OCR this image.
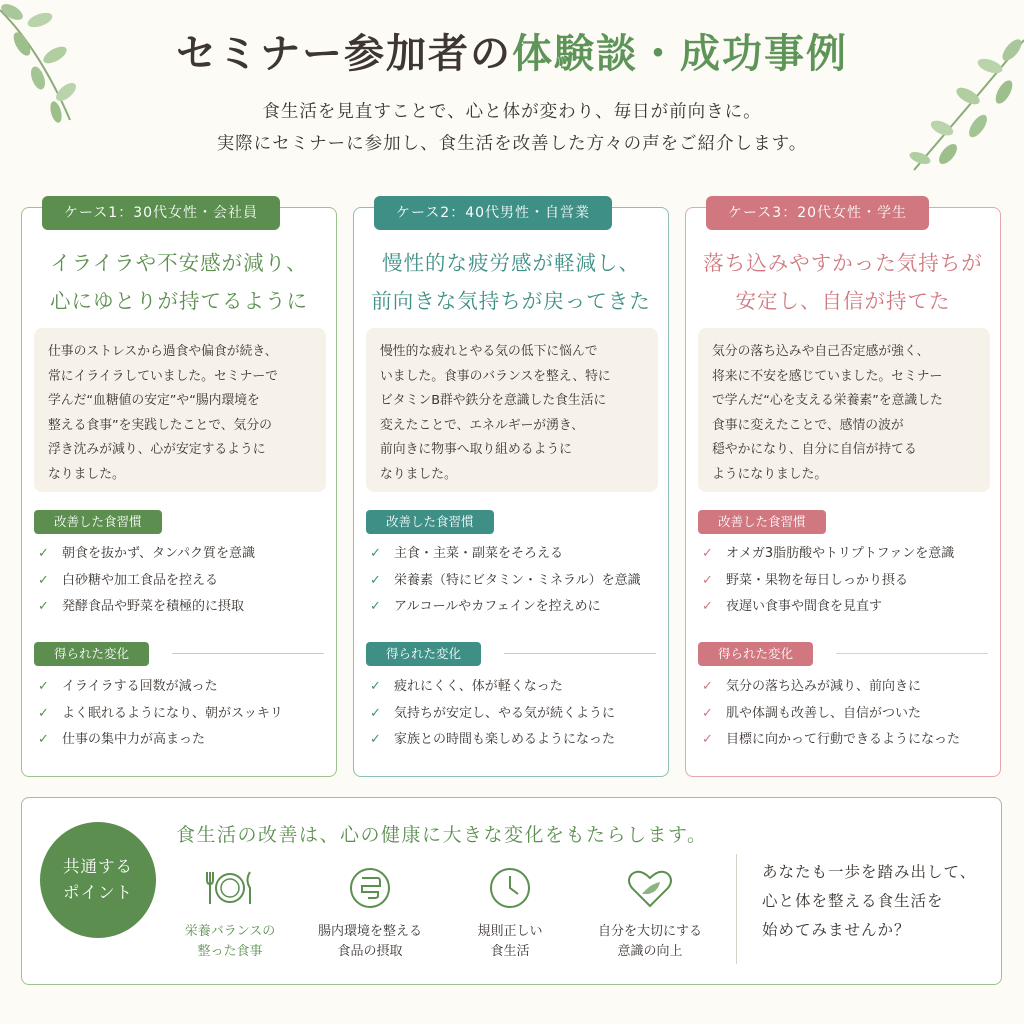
セミナー参加者の体験談・成功事例

食生活を見直すことで、心と体が変わり、毎日が前向きに。
実際にセミナーに参加し、食生活を改善した方々の声をご紹介します。

ケース1：30代女性・会社員
イライラや不安感が減り、
心にゆとりが持てるように
仕事のストレスから過食や偏食が続き、
常にイライラしていました。セミナーで
学んだ“血糖値の安定”や“腸内環境を
整える食事”を実践したことで、気分の
浮き沈みが減り、心が安定するように
なりました。
改善した食習慣
✓	朝食を抜かず、タンパク質を意識
✓	白砂糖や加工食品を控える
✓	発酵食品や野菜を積極的に摂取
得られた変化
✓	イライラする回数が減った
✓	よく眠れるようになり、朝がスッキリ
✓	仕事の集中力が高まった
ケース2：40代男性・自営業
慢性的な疲労感が軽減し、
前向きな気持ちが戻ってきた
慢性的な疲れとやる気の低下に悩んで
いました。食事のバランスを整え、特に
ビタミンB群や鉄分を意識した食生活に
変えたことで、エネルギーが湧き、
前向きに物事へ取り組めるように
なりました。
改善した食習慣
✓	主食・主菜・副菜をそろえる
✓	栄養素（特にビタミン・ミネラル）を意識
✓	アルコールやカフェインを控えめに
得られた変化
✓	疲れにくく、体が軽くなった
✓	気持ちが安定し、やる気が続くように
✓	家族との時間も楽しめるようになった
ケース3：20代女性・学生
落ち込みやすかった気持ちが
安定し、自信が持てた
気分の落ち込みや自己否定感が強く、
将来に不安を感じていました。セミナー
で学んだ“心を支える栄養素”を意識した
食事に変えたことで、感情の波が
穏やかになり、自分に自信が持てる
ようになりました。
改善した食習慣
✓	オメガ3脂肪酸やトリプトファンを意識
✓	野菜・果物を毎日しっかり摂る
✓	夜遅い食事や間食を見直す
得られた変化
✓	気分の落ち込みが減り、前向きに
✓	肌や体調も改善し、自信がついた
✓	目標に向かって行動できるようになった
共通する
ポイント
食生活の改善は、心の健康に大きな変化をもたらします。
栄養バランスの
整った食事
腸内環境を整える
食品の摂取
規則正しい
食生活
自分を大切にする
意識の向上
あなたも一歩を踏み出して、
心と体を整える食生活を
始めてみませんか？
